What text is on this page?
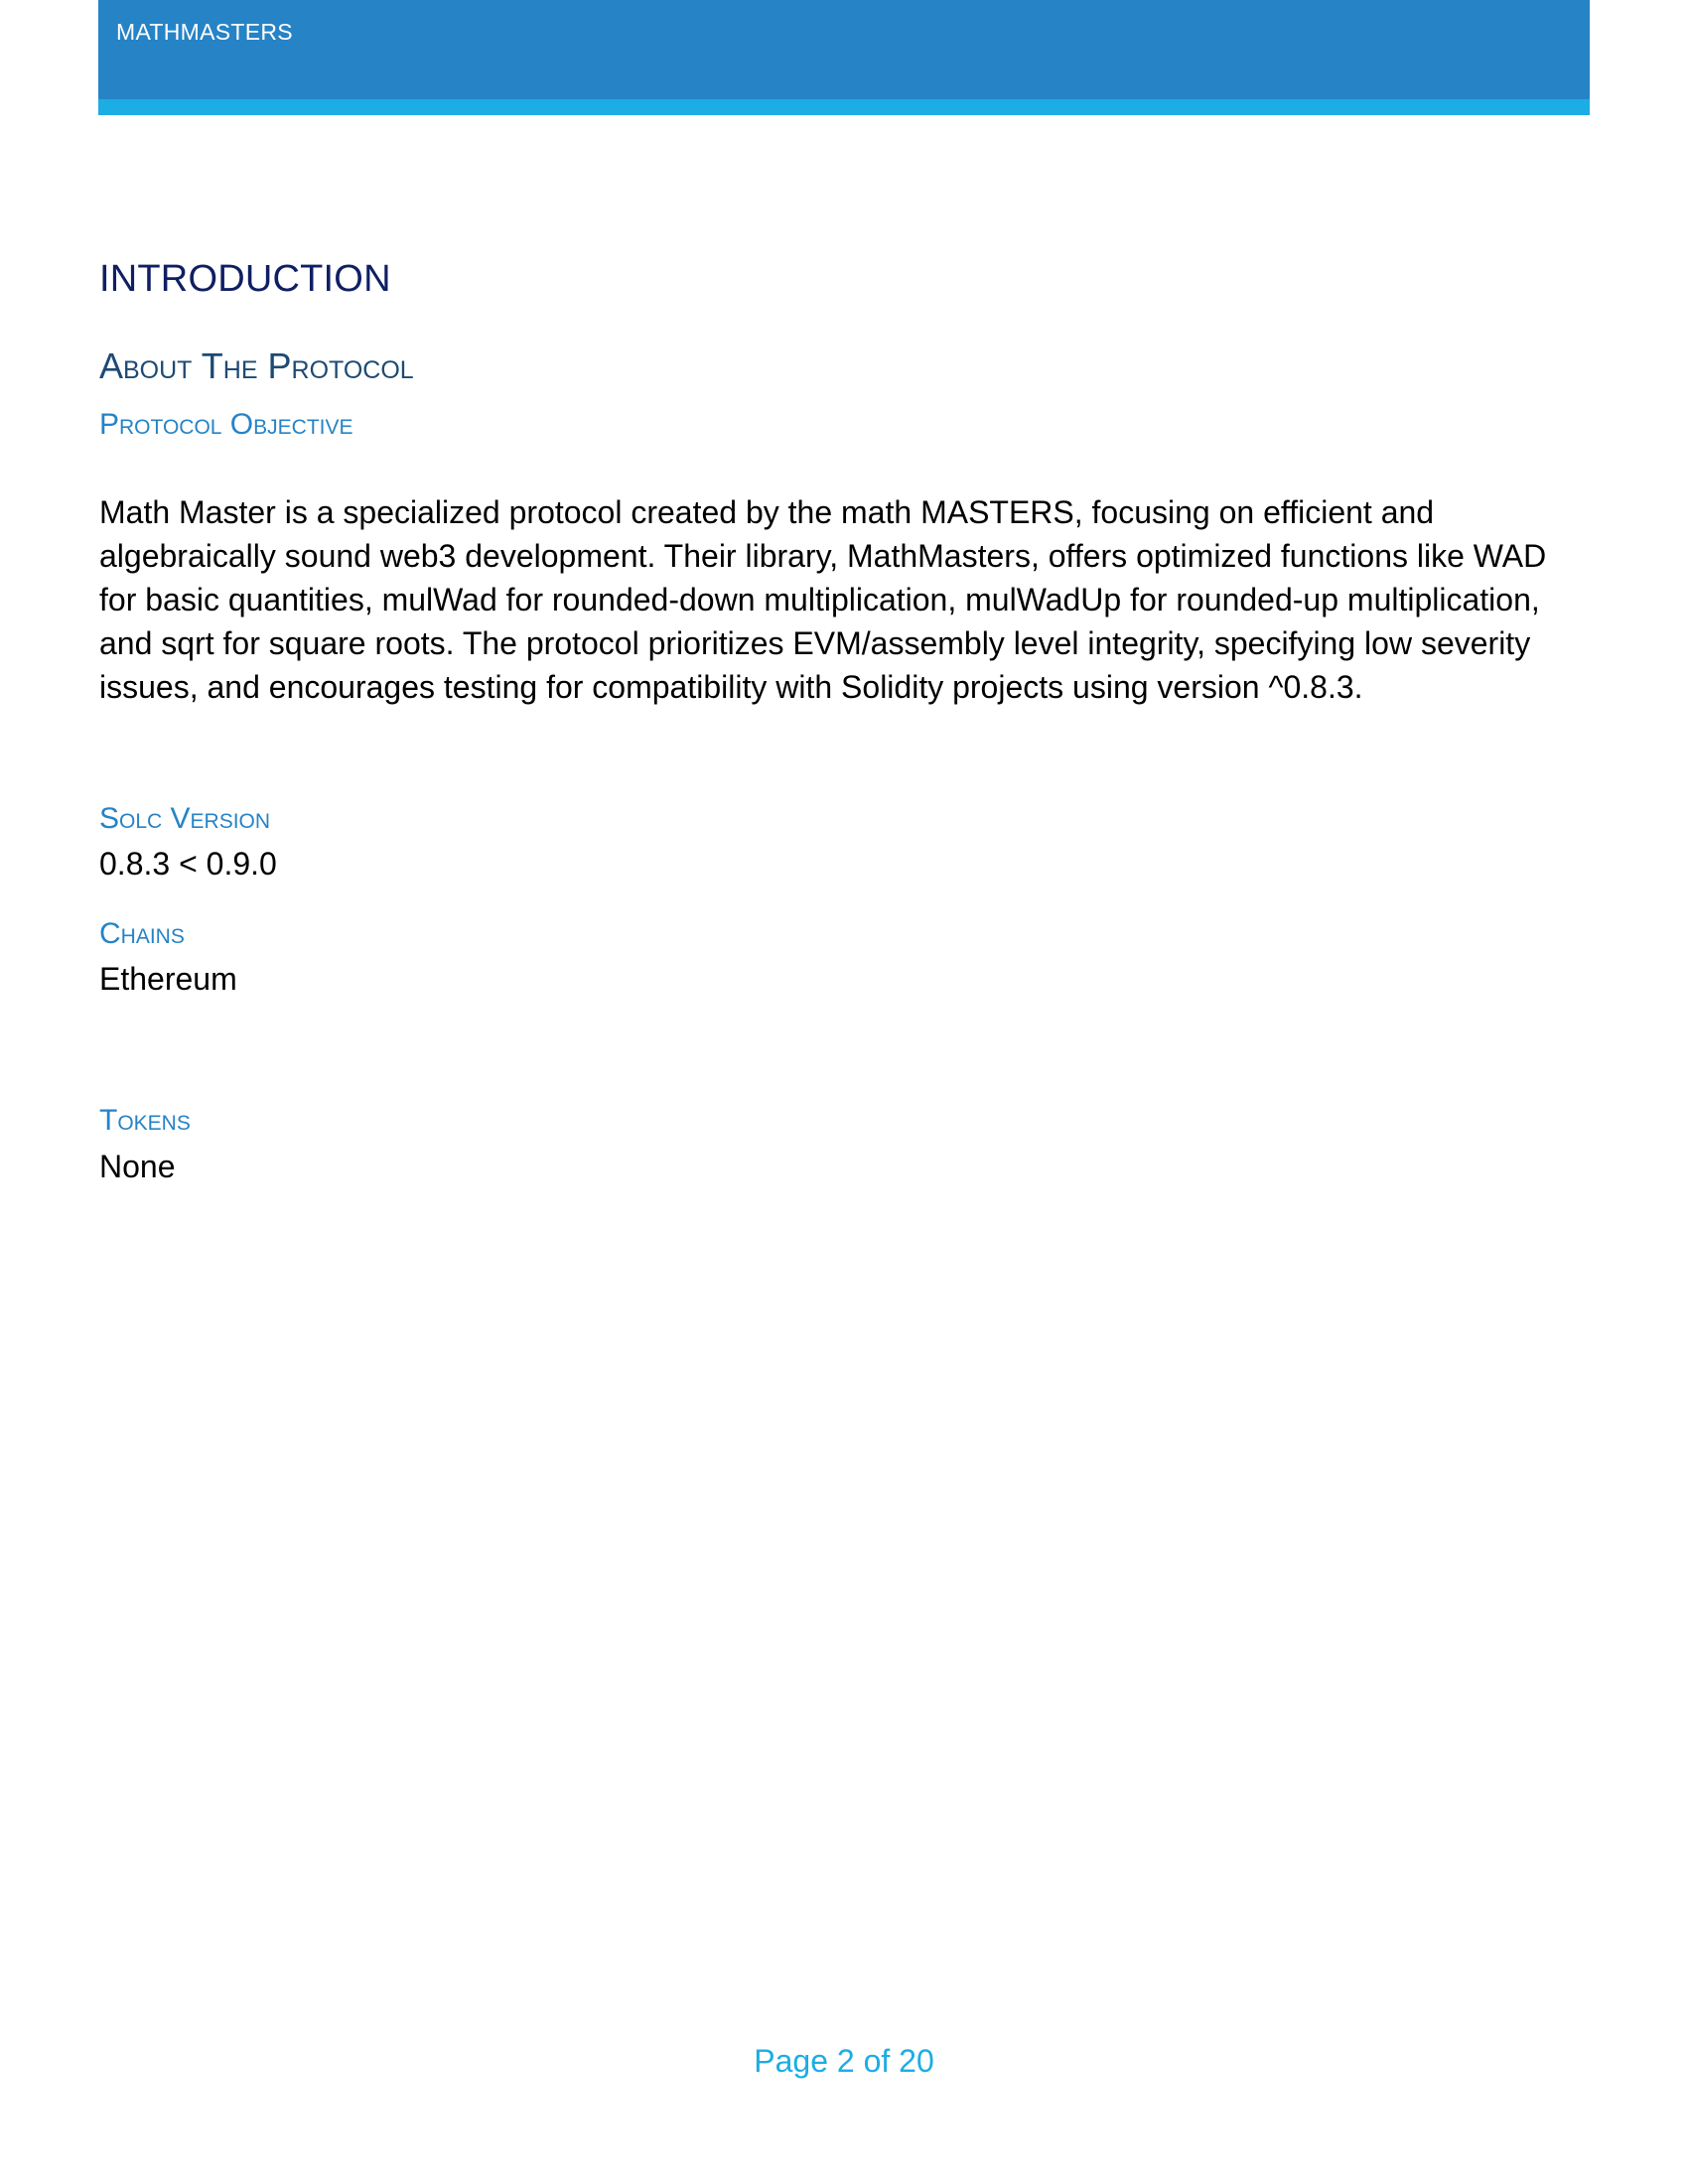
MATHMASTERS
INTRODUCTION
About The Protocol
Protocol Objective
Math Master is a specialized protocol created by the math MASTERS, focusing on efficient and algebraically sound web3 development. Their library, MathMasters, offers optimized functions like WAD for basic quantities, mulWad for rounded-down multiplication, mulWadUp for rounded-up multiplication, and sqrt for square roots. The protocol prioritizes EVM/assembly level integrity, specifying low severity issues, and encourages testing for compatibility with Solidity projects using version ^0.8.3.
Solc Version
0.8.3 < 0.9.0
Chains
Ethereum
Tokens
None
Page 2 of 20
